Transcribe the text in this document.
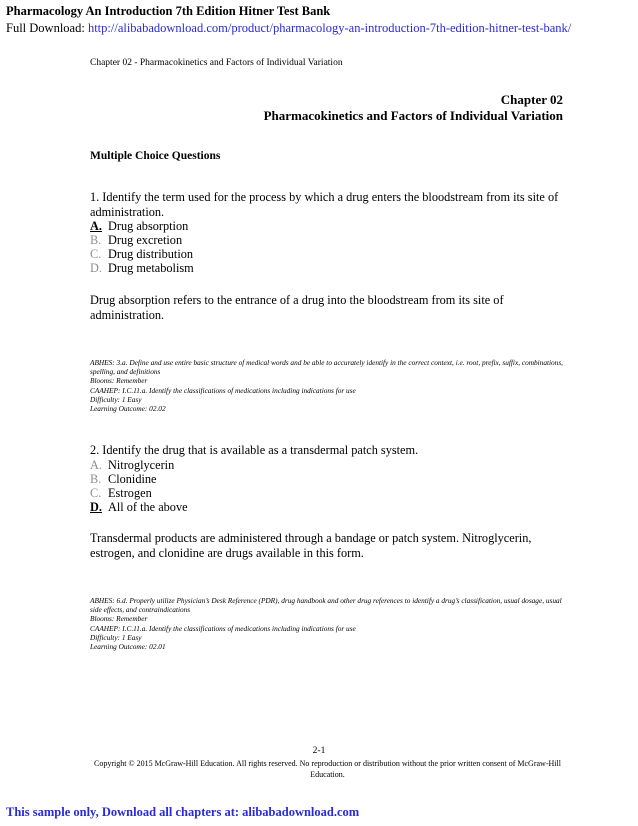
Pharmacology An Introduction 7th Edition Hitner Test Bank
Full Download: http://alibabadownload.com/product/pharmacology-an-introduction-7th-edition-hitner-test-bank/
Chapter 02 - Pharmacokinetics and Factors of Individual Variation
Chapter 02
Pharmacokinetics and Factors of Individual Variation
Multiple Choice Questions
1. Identify the term used for the process by which a drug enters the bloodstream from its site of administration.
A. Drug absorption
B. Drug excretion
C. Drug distribution
D. Drug metabolism
Drug absorption refers to the entrance of a drug into the bloodstream from its site of administration.
ABHES: 3.a. Define and use entire basic structure of medical words and be able to accurately identify in the correct context, i.e. root, prefix, suffix, combinations, spelling, and definitions
Blooms: Remember
CAAHEP: I.C.11.a. Identify the classifications of medications including indications for use
Difficulty: 1 Easy
Learning Outcome: 02.02
2. Identify the drug that is available as a transdermal patch system.
A. Nitroglycerin
B. Clonidine
C. Estrogen
D. All of the above
Transdermal products are administered through a bandage or patch system. Nitroglycerin, estrogen, and clonidine are drugs available in this form.
ABHES: 6.d. Properly utilize Physician’s Desk Reference (PDR), drug handbook and other drug references to identify a drug’s classification, usual dosage, usual side effects, and contraindications
Blooms: Remember
CAAHEP: I.C.11.a. Identify the classifications of medications including indications for use
Difficulty: 1 Easy
Learning Outcome: 02.01
2-1
Copyright © 2015 McGraw-Hill Education. All rights reserved. No reproduction or distribution without the prior written consent of McGraw-Hill Education.
This sample only, Download all chapters at: alibabadownload.com
